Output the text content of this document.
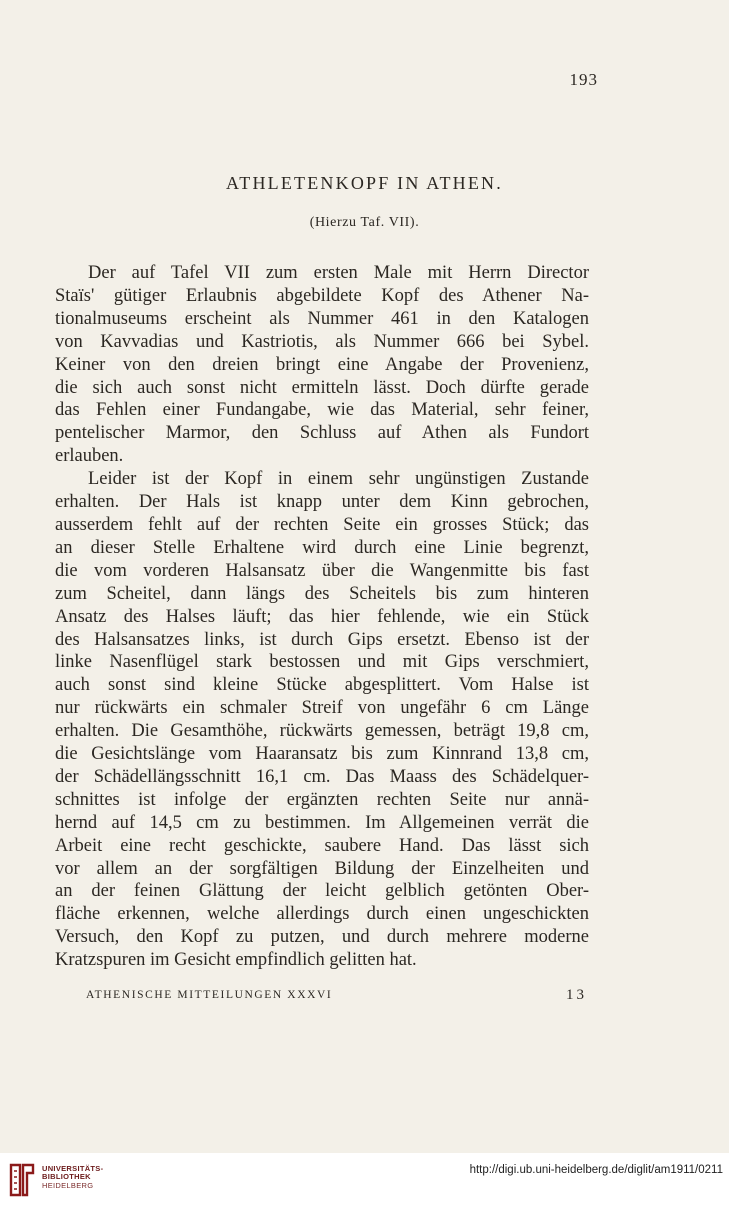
193
ATHLETENKOPF IN ATHEN.
(Hierzu Taf. VII).

Der auf Tafel VII zum ersten Male mit Herrn Director
Staïs' gütiger Erlaubnis abgebildete Kopf des Athener Na-
tionalmuseums erscheint als Nummer 461 in den Katalogen
von Kavvadias und Kastriotis, als Nummer 666 bei Sybel.
Keiner von den dreien bringt eine Angabe der Provenienz,
die sich auch sonst nicht ermitteln lässt. Doch dürfte gerade
das Fehlen einer Fundangabe, wie das Material, sehr feiner,
pentelischer Marmor, den Schluss auf Athen als Fundort
erlauben.

Leider ist der Kopf in einem sehr ungünstigen Zustande
erhalten. Der Hals ist knapp unter dem Kinn gebrochen,
ausserdem fehlt auf der rechten Seite ein grosses Stück; das
an dieser Stelle Erhaltene wird durch eine Linie begrenzt,
die vom vorderen Halsansatz über die Wangenmitte bis fast
zum Scheitel, dann längs des Scheitels bis zum hinteren
Ansatz des Halses läuft; das hier fehlende, wie ein Stück
des Halsansatzes links, ist durch Gips ersetzt. Ebenso ist der
linke Nasenflügel stark bestossen und mit Gips verschmiert,
auch sonst sind kleine Stücke abgesplittert. Vom Halse ist
nur rückwärts ein schmaler Streif von ungefähr 6 cm Länge
erhalten. Die Gesamthöhe, rückwärts gemessen, beträgt 19,8 cm,
die Gesichtslänge vom Haaransatz bis zum Kinnrand 13,8 cm,
der Schädellängsschnitt 16,1 cm. Das Maass des Schädelquer-
schnittes ist infolge der ergänzten rechten Seite nur annä-
hernd auf 14,5 cm zu bestimmen. Im Allgemeinen verrät die
Arbeit eine recht geschickte, saubere Hand. Das lässt sich
vor allem an der sorgfältigen Bildung der Einzelheiten und
an der feinen Glättung der leicht gelblich getönten Ober-
fläche erkennen, welche allerdings durch einen ungeschickten
Versuch, den Kopf zu putzen, und durch mehrere moderne
Kratzspuren im Gesicht empfindlich gelitten hat.

ATHENISCHE MITTEILUNGEN XXXVI	13
UNIVERSITÄTS-
BIBLIOTHEK
HEIDELBERG
http://digi.ub.uni-heidelberg.de/diglit/am1911/0211
